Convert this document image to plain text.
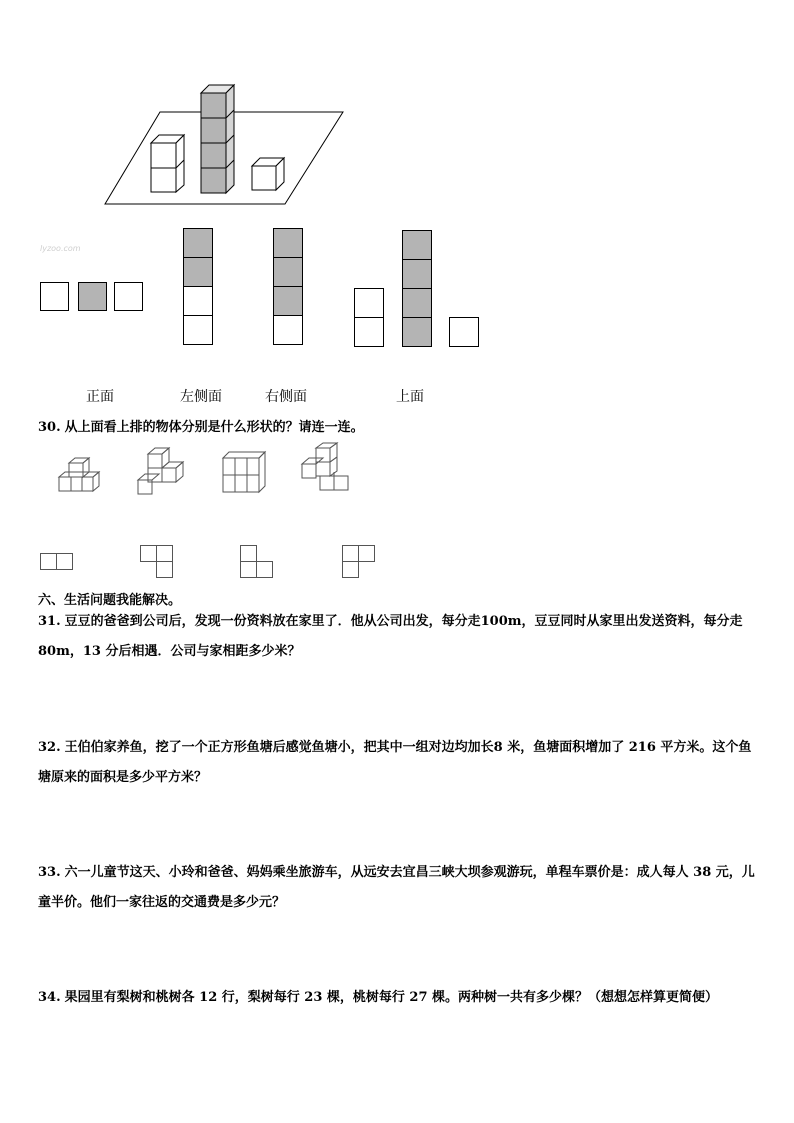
lyzoo.com
正面	左侧面	右侧面	上面
30. 从上面看上排的物体分别是什么形状的？请连一连。
六、生活问题我能解决。
31. 豆豆的爸爸到公司后，发现一份资料放在家里了．他从公司出发，每分走100m，豆豆同时从家里出发送资料，每分走80m，13 分后相遇．公司与家相距多少米？
32. 王伯伯家养鱼，挖了一个正方形鱼塘后感觉鱼塘小，把其中一组对边均加长8 米，鱼塘面积增加了 216 平方米。这个鱼塘原来的面积是多少平方米？
33. 六一儿童节这天、小玲和爸爸、妈妈乘坐旅游车，从远安去宜昌三峡大坝参观游玩，单程车票价是：成人每人 38 元，儿童半价。他们一家往返的交通费是多少元？
34. 果园里有梨树和桃树各 12 行，梨树每行 23 棵，桃树每行 27 棵。两种树一共有多少棵？（想想怎样算更简便）
